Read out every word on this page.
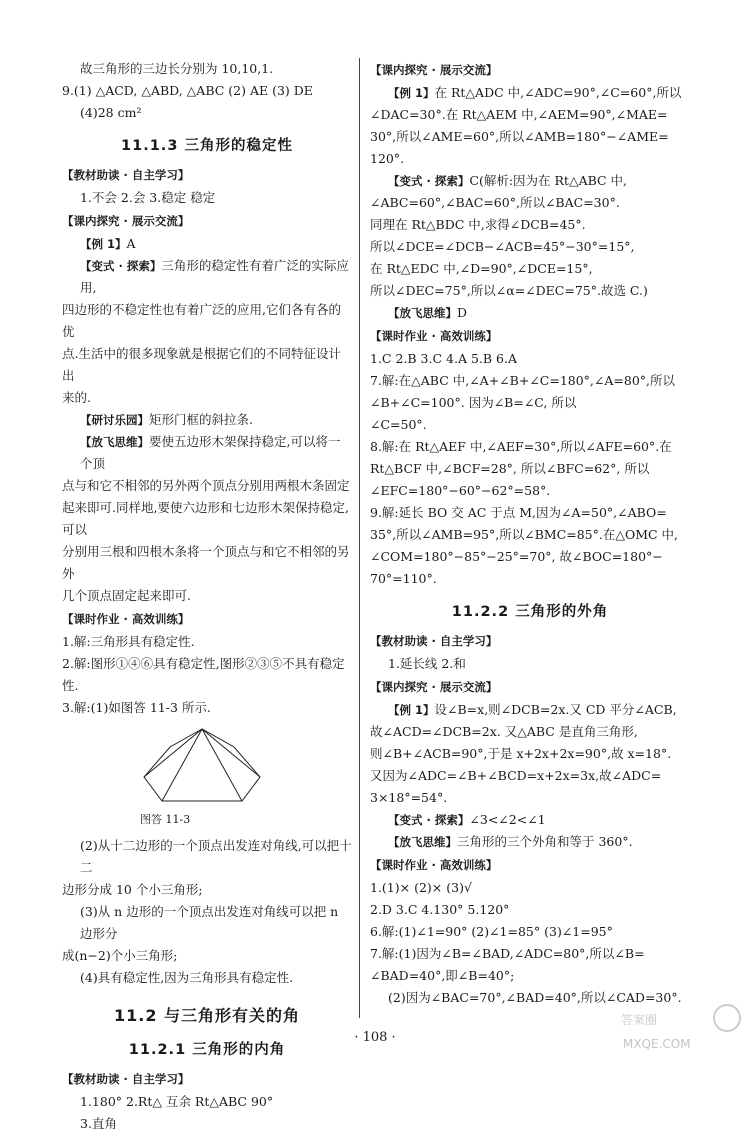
故三角形的三边长分别为 10,10,1.

9.(1) △ACD, △ABD, △ABC (2) AE (3) DE

(4)28 cm²

11.1.3 三角形的稳定性
【教材助读 · 自主学习】

1.不会 2.会 3.稳定 稳定

【课内探究 · 展示交流】

【例 1】A

【变式 · 探索】三角形的稳定性有着广泛的实际应用,

四边形的不稳定性也有着广泛的应用,它们各有各的优

点.生活中的很多现象就是根据它们的不同特征设计出

来的.

【研讨乐园】矩形门框的斜拉条.

【放飞思维】要使五边形木架保持稳定,可以将一个顶

点与和它不相邻的另外两个顶点分别用两根木条固定

起来即可.同样地,要使六边形和七边形木架保持稳定,可以

分别用三根和四根木条将一个顶点与和它不相邻的另外

几个顶点固定起来即可.

【课时作业 · 高效训练】

1.解:三角形具有稳定性.

2.解:图形①④⑥具有稳定性,图形②③⑤不具有稳定性.

3.解:(1)如图答 11-3 所示.

图答 11-3

(2)从十二边形的一个顶点出发连对角线,可以把十二

边形分成 10 个小三角形;

(3)从 n 边形的一个顶点出发连对角线可以把 n 边形分

成(n−2)个小三角形;

(4)具有稳定性,因为三角形具有稳定性.

11.2 与三角形有关的角
11.2.1 三角形的内角
【教材助读 · 自主学习】

1.180° 2.Rt△ 互余 Rt△ABC 90°

3.直角

【课内探究 · 展示交流】

【例 1】在 Rt△ADC 中,∠ADC=90°,∠C=60°,所以

∠DAC=30°.在 Rt△AEM 中,∠AEM=90°,∠MAE=

30°,所以∠AME=60°,所以∠AMB=180°−∠AME=

120°.

【变式 · 探索】C(解析:因为在 Rt△ABC 中,

∠ABC=60°,∠BAC=60°,所以∠BAC=30°.

同理在 Rt△BDC 中,求得∠DCB=45°.

所以∠DCE=∠DCB−∠ACB=45°−30°=15°,

在 Rt△EDC 中,∠D=90°,∠DCE=15°,

所以∠DEC=75°,所以∠α=∠DEC=75°.故选 C.)

【放飞思维】D

【课时作业 · 高效训练】

1.C 2.B 3.C 4.A 5.B 6.A

7.解:在△ABC 中,∠A+∠B+∠C=180°,∠A=80°,所以

∠B+∠C=100°. 因为∠B=∠C, 所以

∠C=50°.

8.解:在 Rt△AEF 中,∠AEF=30°,所以∠AFE=60°.在

Rt△BCF 中,∠BCF=28°, 所以∠BFC=62°, 所以

∠EFC=180°−60°−62°=58°.

9.解:延长 BO 交 AC 于点 M,因为∠A=50°,∠ABO=

35°,所以∠AMB=95°,所以∠BMC=85°.在△OMC 中,

∠COM=180°−85°−25°=70°, 故∠BOC=180°−

70°=110°.

11.2.2 三角形的外角
【教材助读 · 自主学习】

1.延长线 2.和

【课内探究 · 展示交流】

【例 1】设∠B=x,则∠DCB=2x.又 CD 平分∠ACB,

故∠ACD=∠DCB=2x. 又△ABC 是直角三角形,

则∠B+∠ACB=90°,于是 x+2x+2x=90°,故 x=18°.

又因为∠ADC=∠B+∠BCD=x+2x=3x,故∠ADC=

3×18°=54°.

【变式 · 探索】∠3<∠2<∠1

【放飞思维】三角形的三个外角和等于 360°.

【课时作业 · 高效训练】

1.(1)× (2)× (3)√

2.D 3.C 4.130° 5.120°

6.解:(1)∠1=90° (2)∠1=85° (3)∠1=95°

7.解:(1)因为∠B=∠BAD,∠ADC=80°,所以∠B=

∠BAD=40°,即∠B=40°;

(2)因为∠BAC=70°,∠BAD=40°,所以∠CAD=30°.

· 108 ·
答案圈
MXQE.COM
